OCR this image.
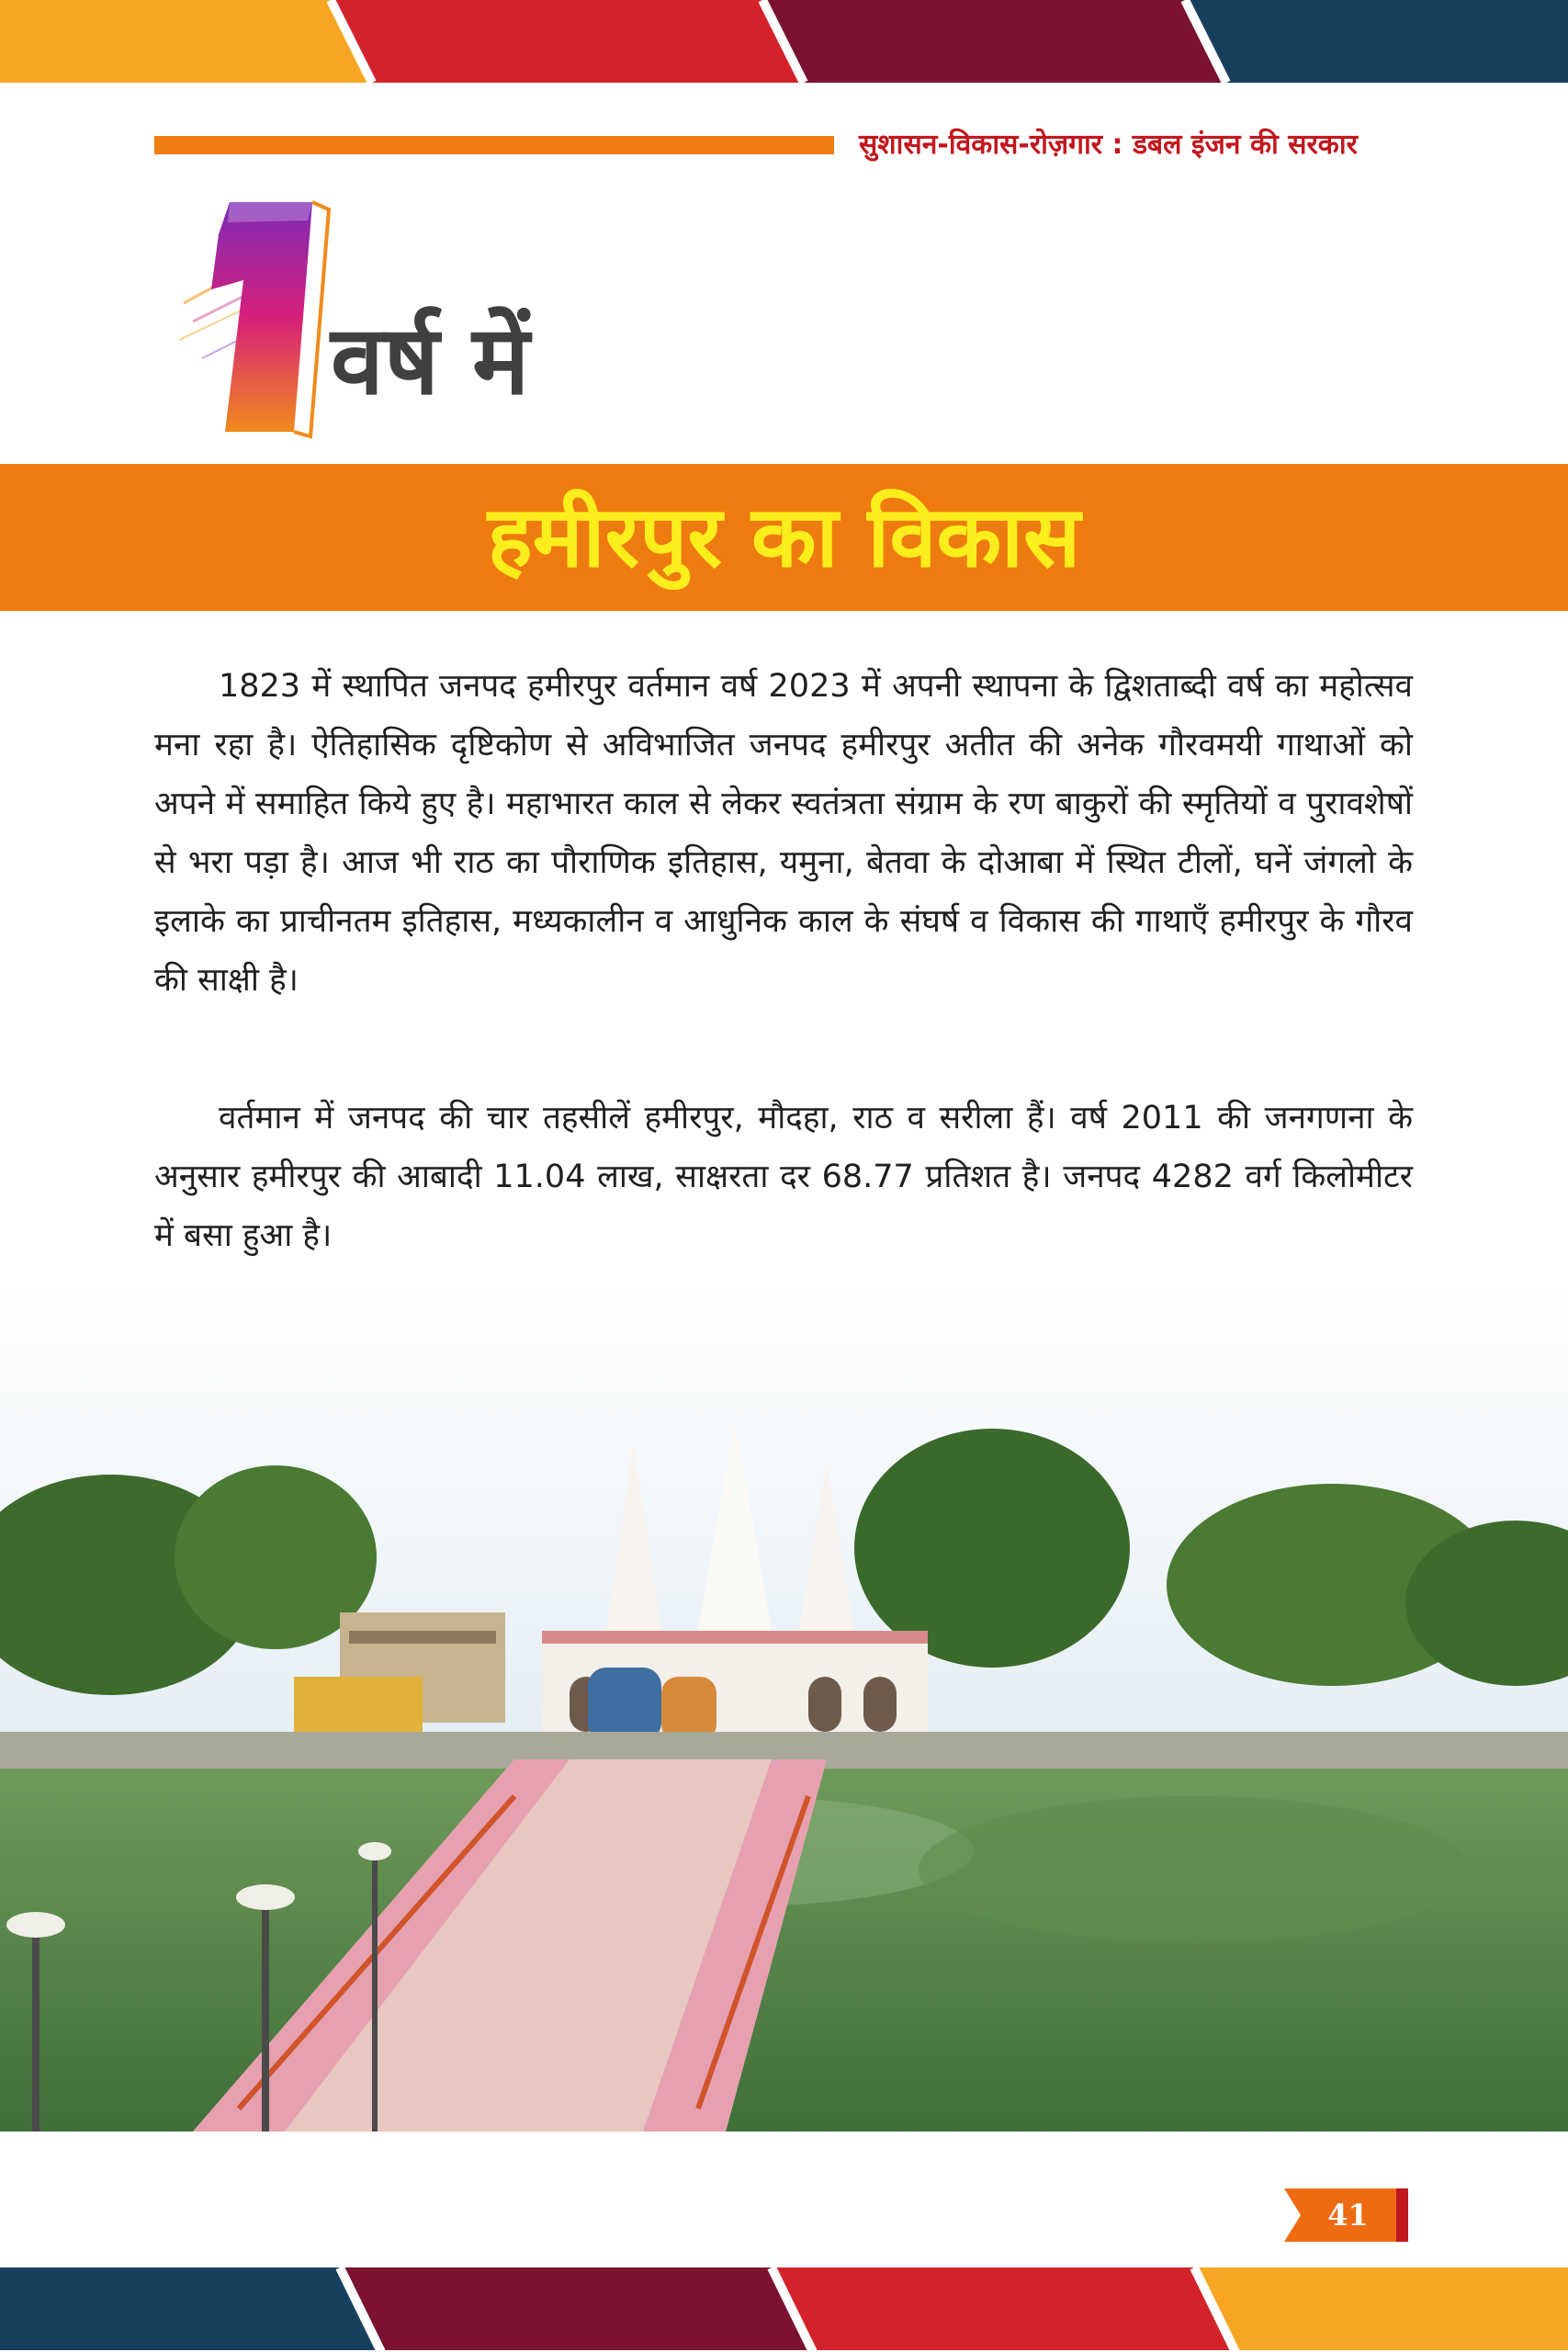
सुशासन-विकास-रोज़गार : डबल इंजन की सरकार
वर्ष में
हमीरपुर का विकास

1823 में स्थापित जनपद हमीरपुर वर्तमान वर्ष 2023 में अपनी स्थापना के द्विशताब्दी वर्ष का महोत्सव मना रहा है। ऐतिहासिक दृष्टिकोण से अविभाजित जनपद हमीरपुर अतीत की अनेक गौरवमयी गाथाओं को अपने में समाहित किये हुए है। महाभारत काल से लेकर स्वतंत्रता संग्राम के रण बाकुरों की स्मृतियों व पुरावशेषों से भरा पड़ा है। आज भी राठ का पौराणिक इतिहास, यमुना, बेतवा के दोआबा में स्थित टीलों, घनें जंगलो के इलाके का प्राचीनतम इतिहास, मध्यकालीन व आधुनिक काल के संघर्ष व विकास की गाथाएँ हमीरपुर के गौरव की साक्षी है।

वर्तमान में जनपद की चार तहसीलें हमीरपुर, मौदहा, राठ व सरीला हैं। वर्ष 2011 की जनगणना के अनुसार हमीरपुर की आबादी 11.04 लाख, साक्षरता दर 68.77 प्रतिशत है। जनपद 4282 वर्ग किलोमीटर में बसा हुआ है।

41
